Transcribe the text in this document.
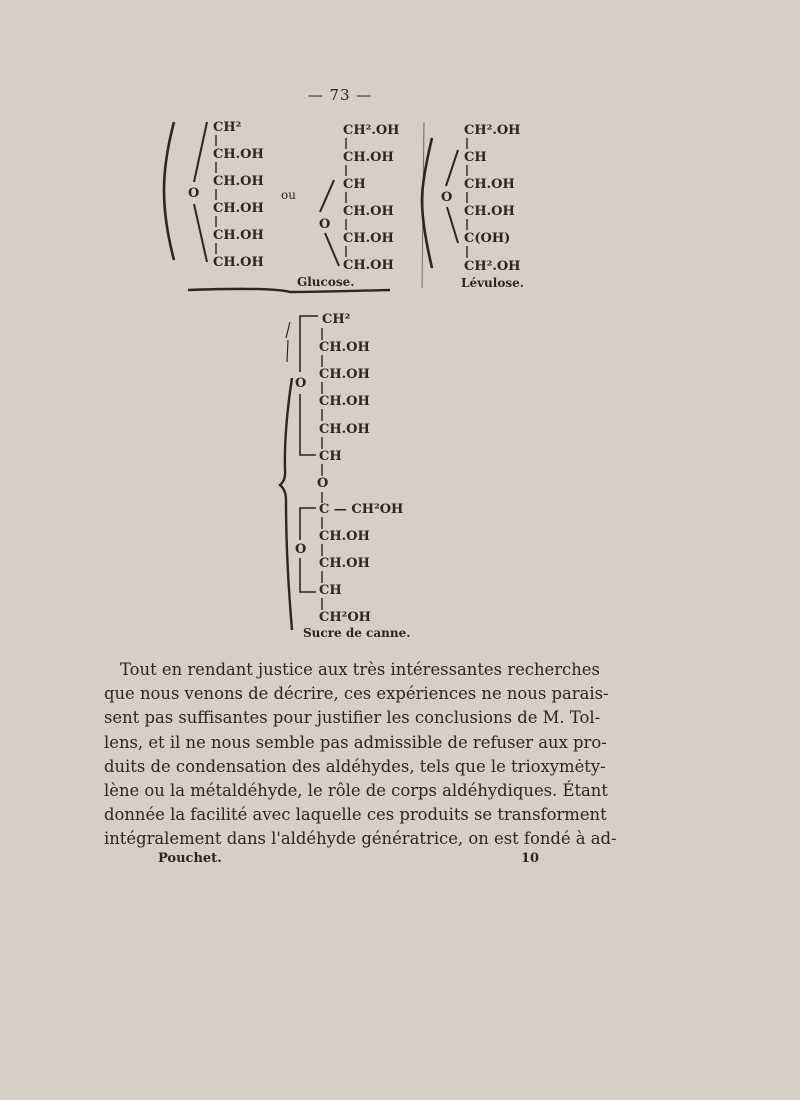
— 73 —
CH²
CH.OH
CH.OH
CH.OH
CH.OH
CH.OH
O	ou
CH².OH
CH.OH
CH
CH.OH
CH.OH
CH.OH
O
Glucose.
CH².OH
CH
CH.OH
CH.OH
C(OH)
CH².OH
O
Lévulose.
CH²
CH.OH
CH.OH
CH.OH
CH.OH
CH
O
O
C — CH²OH
CH.OH
CH.OH
CH
CH²OH
O
Sucre de canne.
Tout en rendant justice aux très intéressantes recherches
que nous venons de décrire, ces expériences ne nous parais-
sent pas suffisantes pour justifier les conclusions de M. Tol-
lens, et il ne nous semble pas admissible de refuser aux pro-
duits de condensation des aldéhydes, tels que le trioxymėty-
lène ou la métaldéhyde, le rôle de corps aldéhydiques. Étant
donnée la facilité avec laquelle ces produits se transforment
intégralement dans l'aldéhyde génératrice, on est fondé à ad-
Pouchet.	10
